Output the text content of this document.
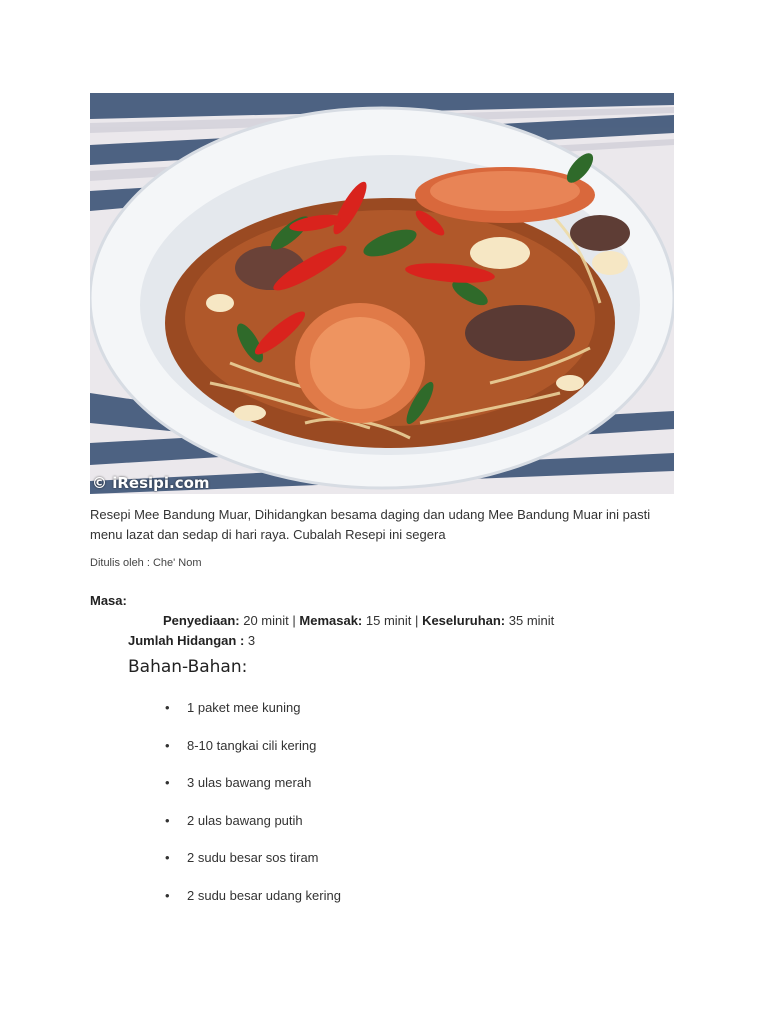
© iResipi.com

Resepi Mee Bandung Muar, Dihidangkan besama daging dan udang Mee Bandung Muar ini pasti menu lazat dan sedap di hari raya. Cubalah Resepi ini segera

Ditulis oleh : Che' Nom
Masa:
Penyediaan: 20 minit | Memasak: 15 minit | Keseluruhan: 35 minit
Jumlah Hidangan : 3
Bahan-Bahan:
• 1 paket mee kuning
• 8-10 tangkai cili kering
• 3 ulas bawang merah
• 2 ulas bawang putih
• 2 sudu besar sos tiram
• 2 sudu besar udang kering
